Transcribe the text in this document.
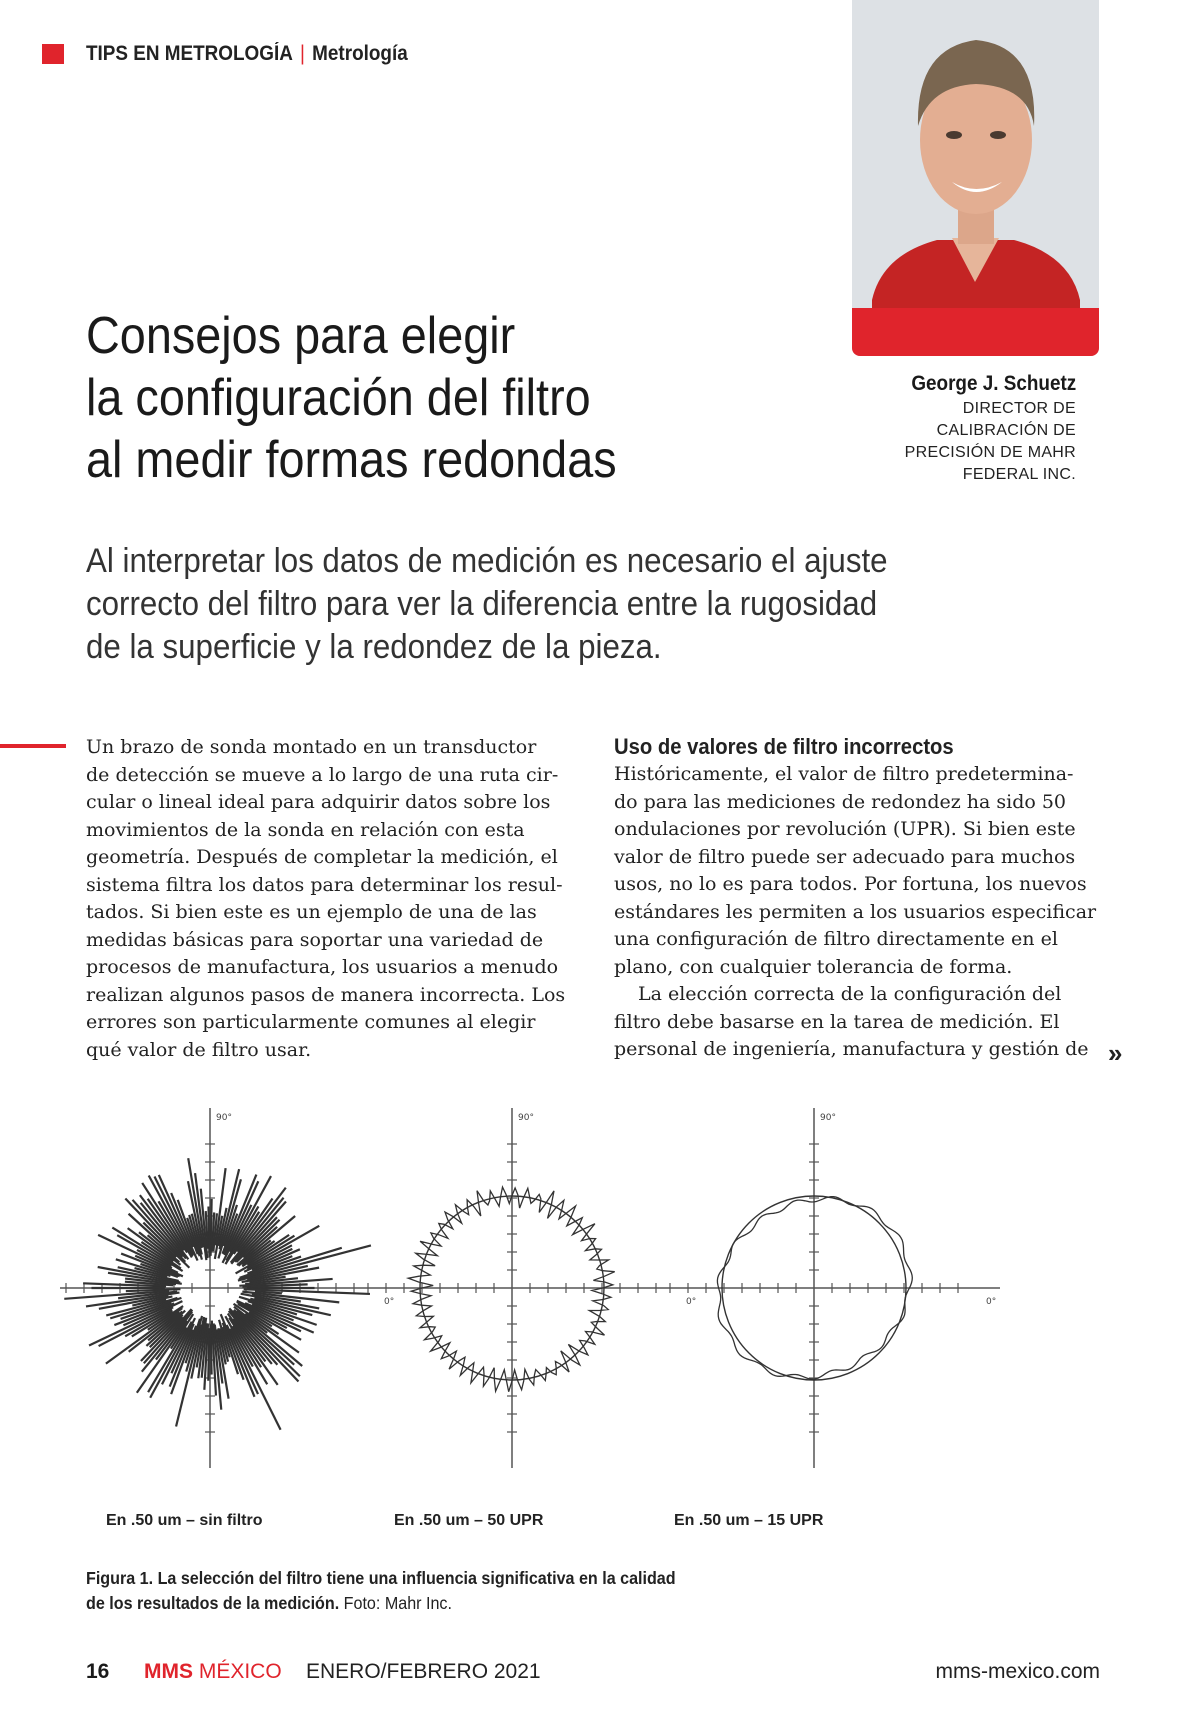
TIPS EN METROLOGÍA | Metrología
Consejos para elegir
la configuración del filtro
al medir formas redondas
George J. Schuetz
DIRECTOR DE
CALIBRACIÓN DE
PRECISIÓN DE MAHR
FEDERAL INC.
Al interpretar los datos de medición es necesario el ajuste
correcto del filtro para ver la diferencia entre la rugosidad
de la superficie y la redondez de la pieza.
Un brazo de sonda montado en un transductor
de detección se mueve a lo largo de una ruta cir-
cular o lineal ideal para adquirir datos sobre los
movimientos de la sonda en relación con esta
geometría. Después de completar la medición, el
sistema filtra los datos para determinar los resul-
tados. Si bien este es un ejemplo de una de las
medidas básicas para soportar una variedad de
procesos de manufactura, los usuarios a menudo
realizan algunos pasos de manera incorrecta. Los
errores son particularmente comunes al elegir
qué valor de filtro usar.
Uso de valores de filtro incorrectos
Históricamente, el valor de filtro predetermina-
do para las mediciones de redondez ha sido 50
ondulaciones por revolución (UPR). Si bien este
valor de filtro puede ser adecuado para muchos
usos, no lo es para todos. Por fortuna, los nuevos
estándares les permiten a los usuarios especificar
una configuración de filtro directamente en el
plano, con cualquier tolerancia de forma.
La elección correcta de la configuración del
filtro debe basarse en la tarea de medición. El
personal de ingeniería, manufactura y gestión de »
90°
0°
90°
0°
90°
0°
En .50 um – sin filtro	En .50 um – 50 UPR	En .50 um – 15 UPR
Figura 1. La selección del filtro tiene una influencia significativa en la calidad
de los resultados de la medición. Foto: Mahr Inc.
16 MMS MÉXICO ENERO/FEBRERO 2021	mms-mexico.com
